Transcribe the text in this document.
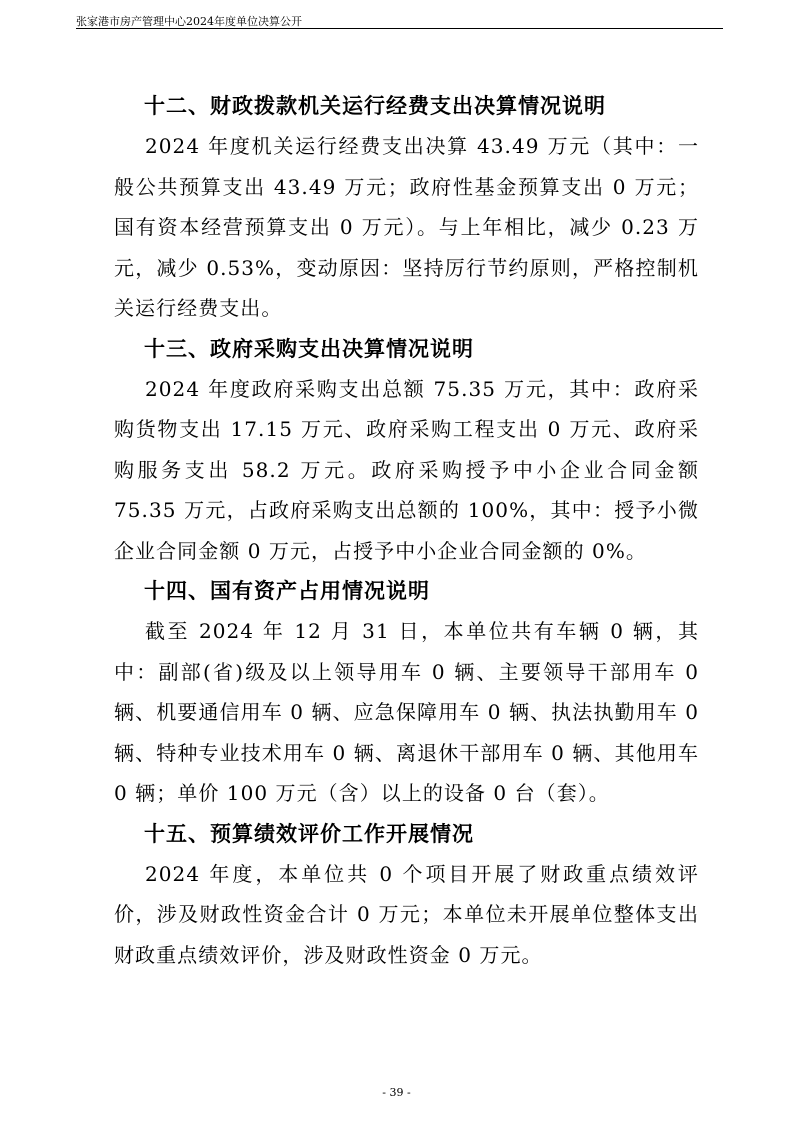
张家港市房产管理中心2024年度单位决算公开
十二、财政拨款机关运行经费支出决算情况说明

2024 年度机关运行经费支出决算 43.49 万元（其中：一般公共预算支出 43.49 万元；政府性基金预算支出 0 万元；国有资本经营预算支出 0 万元）。与上年相比，减少 0.23 万元，减少 0.53%，变动原因：坚持厉行节约原则，严格控制机关运行经费支出。

十三、政府采购支出决算情况说明

2024 年度政府采购支出总额 75.35 万元，其中：政府采购货物支出 17.15 万元、政府采购工程支出 0 万元、政府采购服务支出 58.2 万元。政府采购授予中小企业合同金额 75.35 万元，占政府采购支出总额的 100%，其中：授予小微企业合同金额 0 万元，占授予中小企业合同金额的 0%。

十四、国有资产占用情况说明

截至 2024 年 12 月 31 日，本单位共有车辆 0 辆，其中：副部(省)级及以上领导用车 0 辆、主要领导干部用车 0 辆、机要通信用车 0 辆、应急保障用车 0 辆、执法执勤用车 0 辆、特种专业技术用车 0 辆、离退休干部用车 0 辆、其他用车 0 辆；单价 100 万元（含）以上的设备 0 台（套）。

十五、预算绩效评价工作开展情况

2024 年度，本单位共 0 个项目开展了财政重点绩效评价，涉及财政性资金合计 0 万元；本单位未开展单位整体支出财政重点绩效评价，涉及财政性资金 0 万元。

- 39 -
